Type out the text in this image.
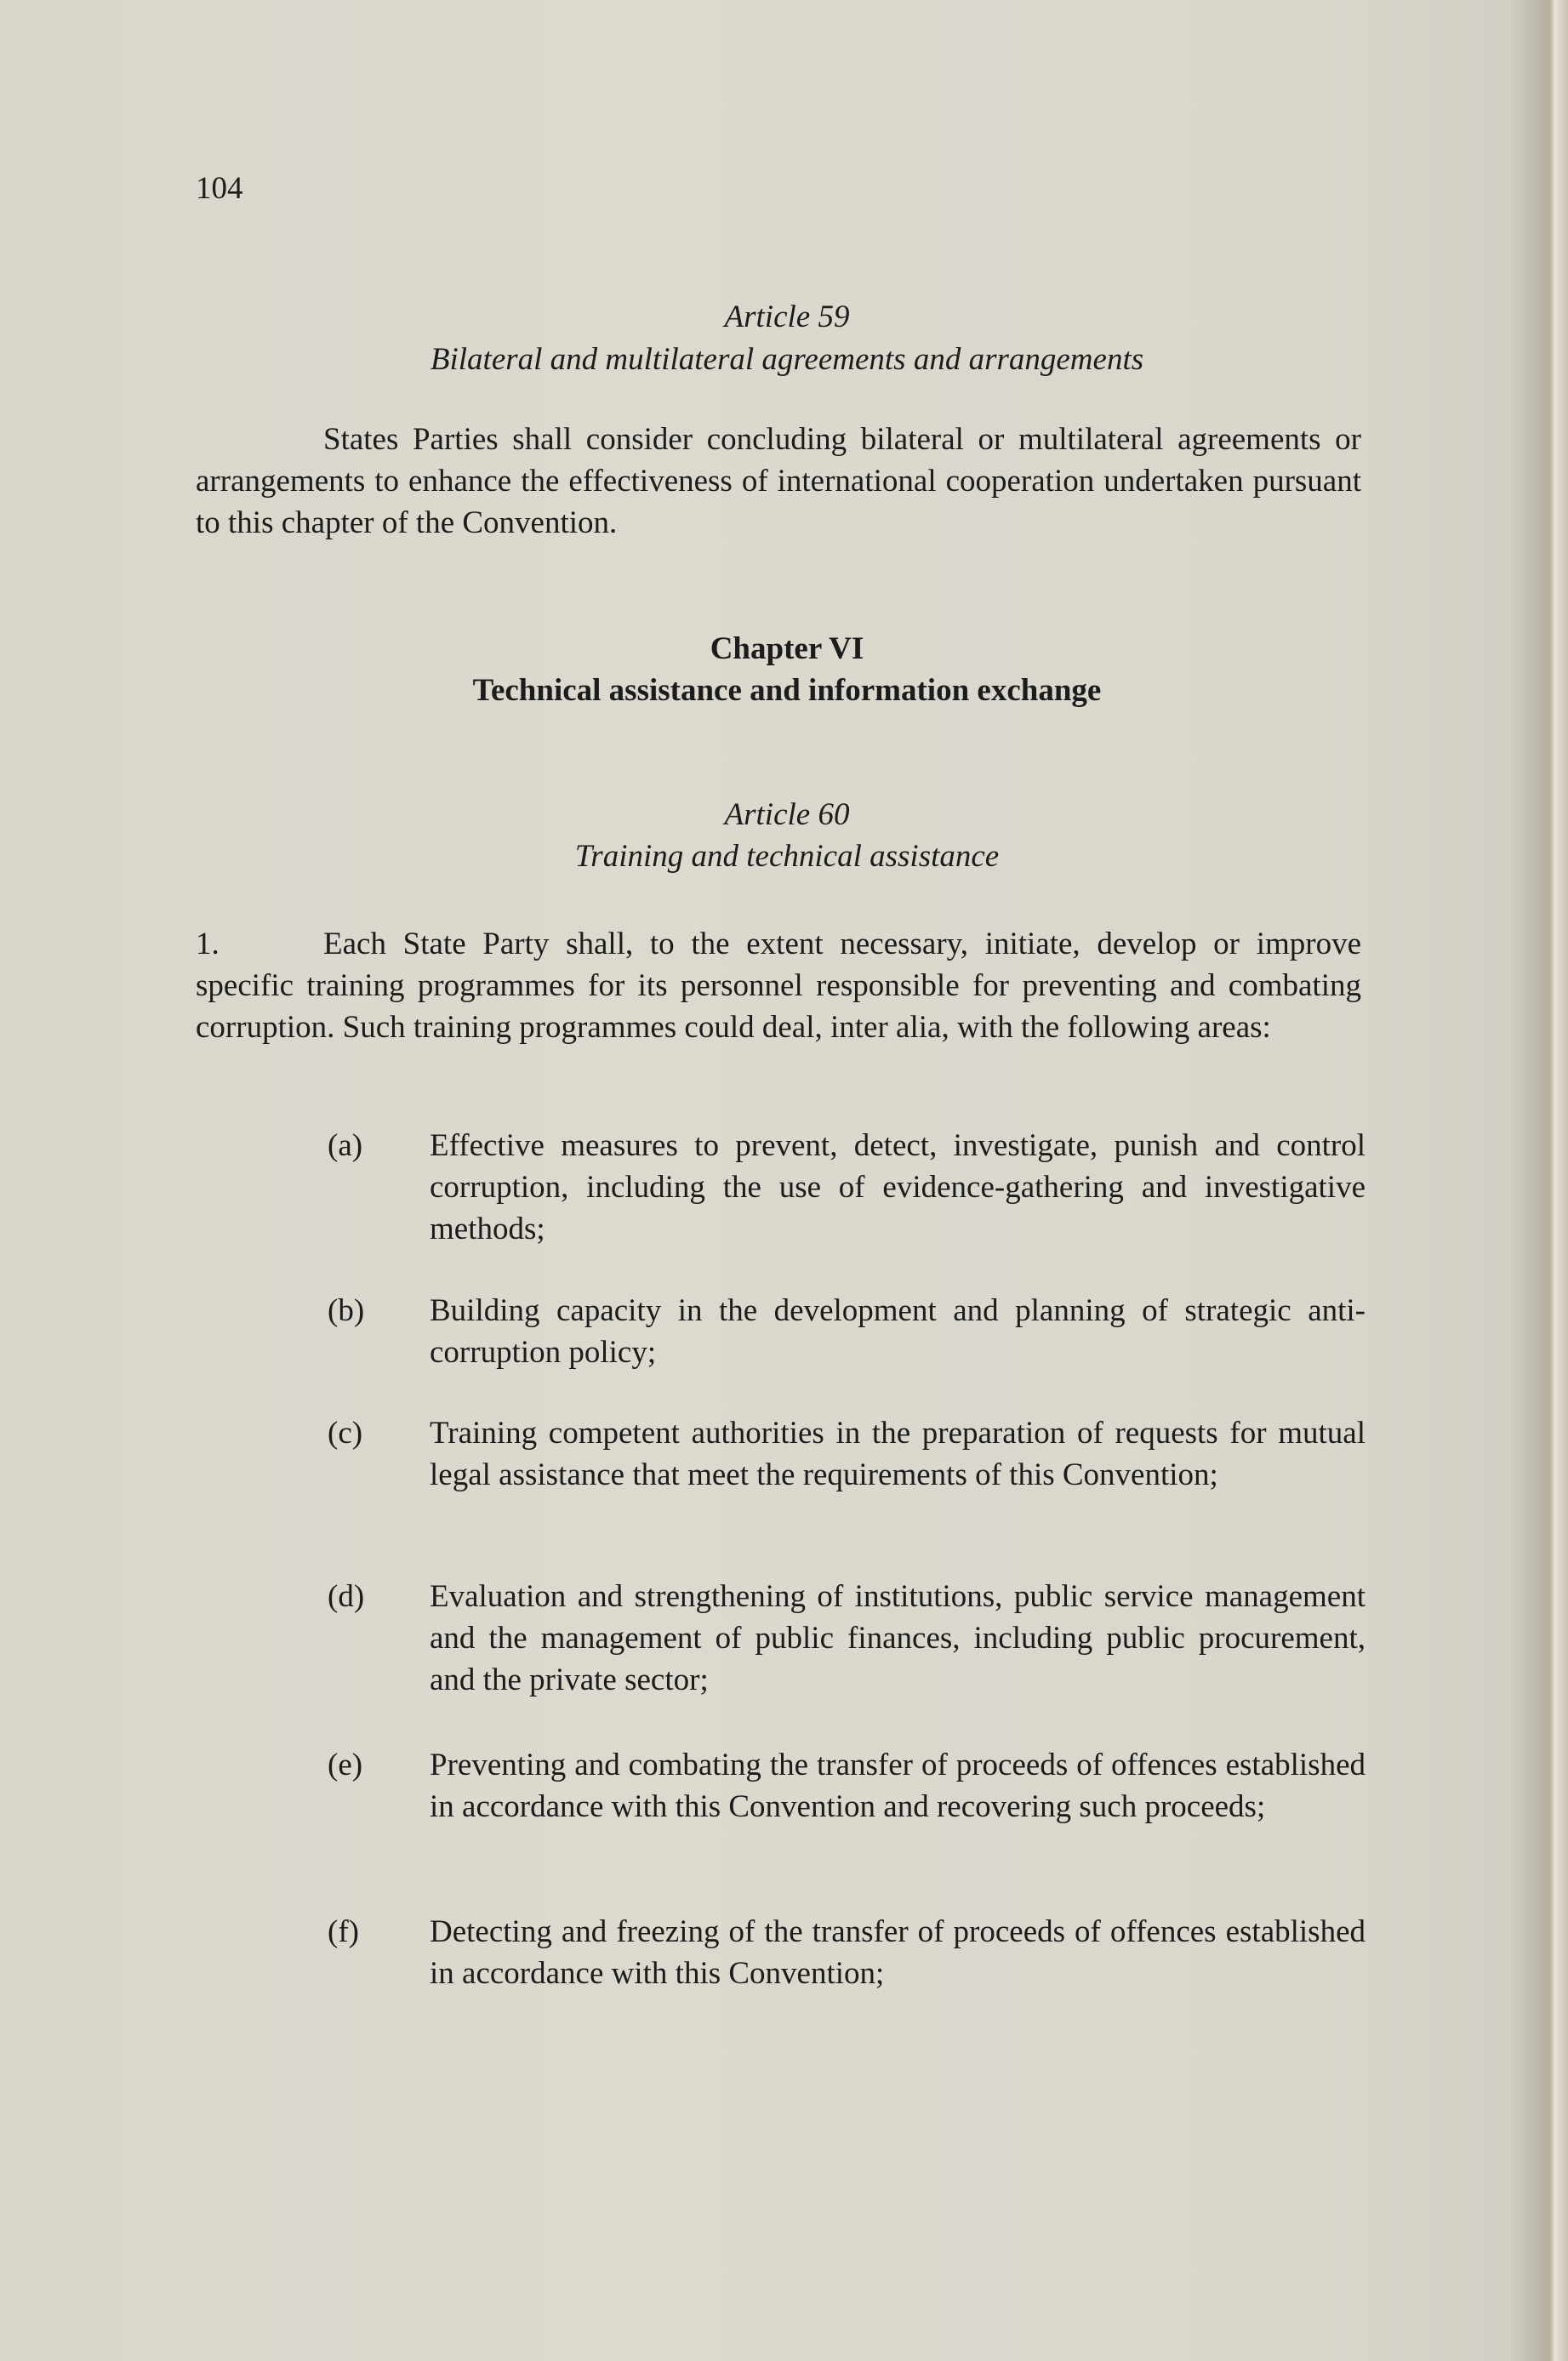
104
Article 59
Bilateral and multilateral agreements and arrangements
States Parties shall consider concluding bilateral or multilateral agreements or arrangements to enhance the effectiveness of international cooperation undertaken pursuant to this chapter of the Convention.
Chapter VI
Technical assistance and information exchange
Article 60
Training and technical assistance
1.	Each State Party shall, to the extent necessary, initiate, develop or improve specific training programmes for its personnel responsible for preventing and combating corruption. Such training programmes could deal, inter alia, with the following areas:
(a)	Effective measures to prevent, detect, investigate, punish and control corruption, including the use of evidence-gathering and investigative methods;
(b)	Building capacity in the development and planning of strategic anti-corruption policy;
(c)	Training competent authorities in the preparation of requests for mutual legal assistance that meet the requirements of this Convention;
(d)	Evaluation and strengthening of institutions, public service management and the management of public finances, including public procurement, and the private sector;
(e)	Preventing and combating the transfer of proceeds of offences established in accordance with this Convention and recovering such proceeds;
(f)	Detecting and freezing of the transfer of proceeds of offences established in accordance with this Convention;
